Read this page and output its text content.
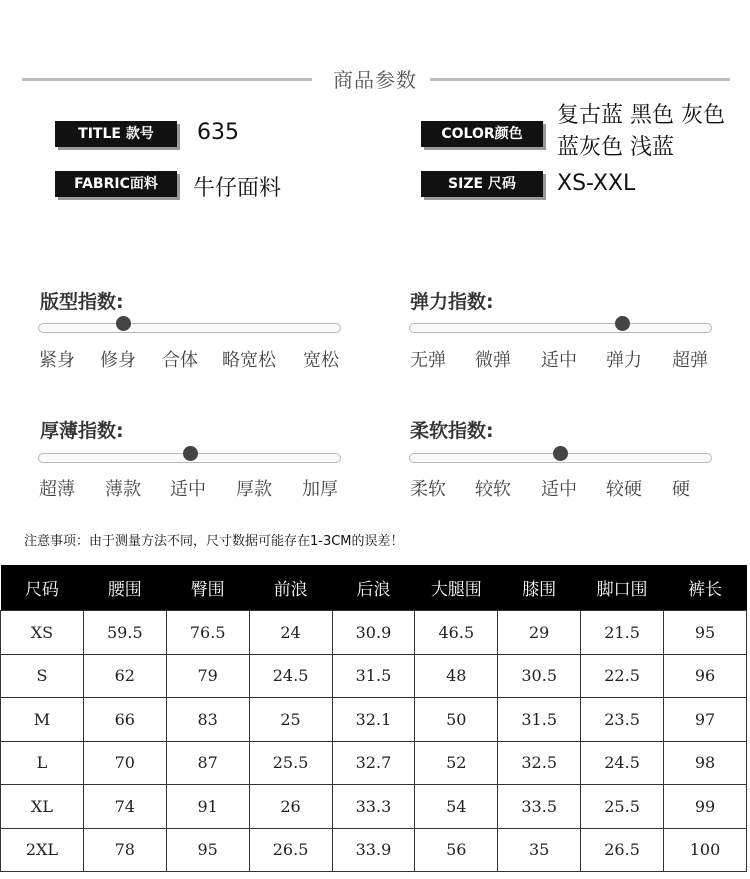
商品参数
TITLE 款号	635
FABRIC面料	牛仔面料
COLOR颜色
复古蓝 黑色 灰色
蓝灰色 浅蓝
SIZE 尺码	XS-XXL
版型指数:
紧身 修身 合体 略宽松 宽松
弹力指数:
无弹 微弹 适中 弹力 超弹
厚薄指数:
超薄 薄款 适中 厚款 加厚
柔软指数:
柔软 较软 适中 较硬 硬
注意事项：由于测量方法不同，尺寸数据可能存在1-3CM的误差！
尺码	腰围	臀围	前浪	后浪	大腿围	膝围	脚口围	裤长
XS	59.5	76.5	24	30.9	46.5	29	21.5	95
S	62	79	24.5	31.5	48	30.5	22.5	96
M	66	83	25	32.1	50	31.5	23.5	97
L	70	87	25.5	32.7	52	32.5	24.5	98
XL	74	91	26	33.3	54	33.5	25.5	99
2XL	78	95	26.5	33.9	56	35	26.5	100
